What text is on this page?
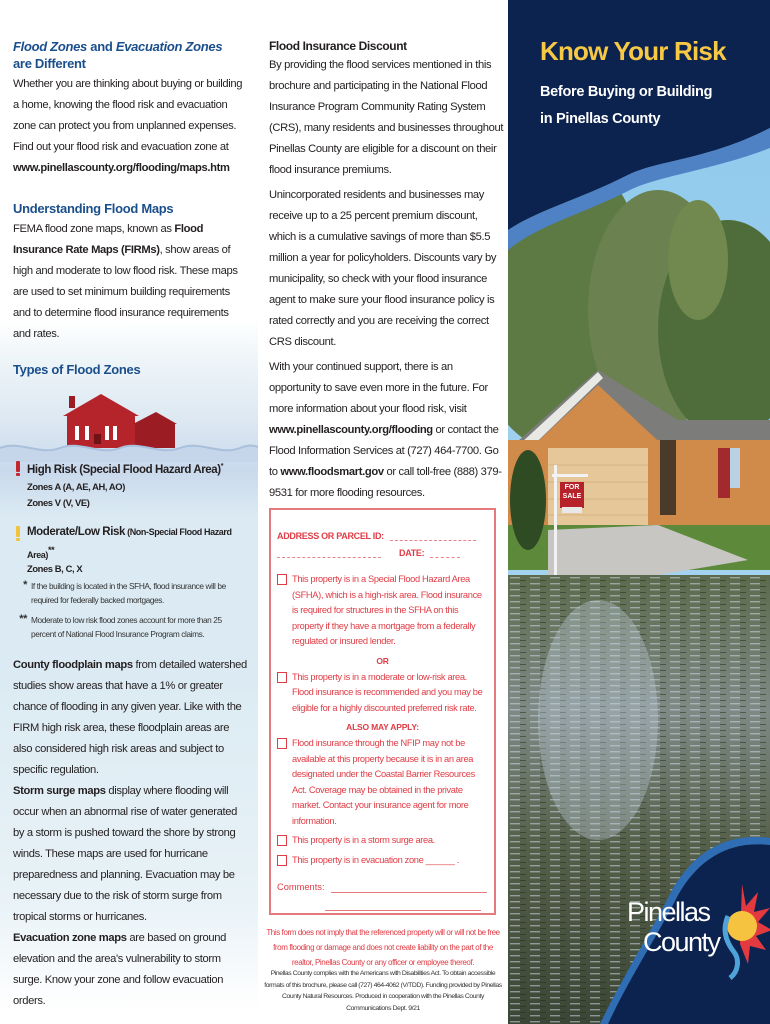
Flood Zones and Evacuation Zones
are Different
Whether you are thinking about buying or building a home, knowing the flood risk and evacuation zone can protect you from unplanned expenses. Find out your flood risk and evacuation zone at www.pinellascounty.org/flooding/maps.htm
Understanding Flood Maps
FEMA flood zone maps, known as Flood Insurance Rate Maps (FIRMs), show areas of high and moderate to low flood risk. These maps are used to set minimum building requirements and to determine flood insurance requirements and rates.
Types of Flood Zones
High Risk (Special Flood Hazard Area)*
Zones A (A, AE, AH, AO)
Zones V (V, VE)
Moderate/Low Risk (Non-Special Flood Hazard Area)**
Zones B, C, X
* If the building is located in the SFHA, flood insurance will be required for federally backed mortgages.
** Moderate to low risk flood zones account for more than 25 percent of National Flood Insurance Program claims.
County floodplain maps from detailed watershed studies show areas that have a 1% or greater chance of flooding in any given year. Like with the FIRM high risk area, these floodplain areas are also considered high risk areas and subject to specific regulation.
Storm surge maps display where flooding will occur when an abnormal rise of water generated by a storm is pushed toward the shore by strong winds. These maps are used for hurricane preparedness and planning. Evacuation may be necessary due to the risk of storm surge from tropical storms or hurricanes.
Evacuation zone maps are based on ground elevation and the area's vulnerability to storm surge. Know your zone and follow evacuation orders.
Flood Insurance Discount
By providing the flood services mentioned in this brochure and participating in the National Flood Insurance Program Community Rating System (CRS), many residents and businesses throughout Pinellas County are eligible for a discount on their flood insurance premiums.
Unincorporated residents and businesses may receive up to a 25 percent premium discount, which is a cumulative savings of more than $5.5 million a year for policyholders. Discounts vary by municipality, so check with your flood insurance agent to make sure your flood insurance policy is rated correctly and you are receiving the correct CRS discount.
With your continued support, there is an opportunity to save even more in the future. For more information about your flood risk, visit www.pinellascounty.org/flooding or contact the Flood Information Services at (727) 464-7700. Go to www.floodsmart.gov or call toll-free (888) 379-9531 for more flooding resources.
ADDRESS OR PARCEL ID:
DATE:
This property is in a Special Flood Hazard Area (SFHA), which is a high-risk area. Flood insurance is required for structures in the SFHA on this property if they have a mortgage from a federally regulated or insured lender.
OR
This property is in a moderate or low-risk area. Flood insurance is recommended and you may be eligible for a highly discounted preferred risk rate.
ALSO MAY APPLY:
Flood insurance through the NFIP may not be available at this property because it is in an area designated under the Coastal Barrier Resources Act. Coverage may be obtained in the private market. Contact your insurance agent for more information.
This property is in a storm surge area.
This property is in evacuation zone ______ .
Comments:
This form does not imply that the referenced property will or will not be free from flooding or damage and does not create liability on the part of the realtor, Pinellas County or any officer or employee thereof.
Pinellas County complies with the Americans with Disabilities Act. To obtain accessible formats of this brochure, please call (727) 464-4062 (V/TDD). Funding provided by Pinellas County Natural Resources. Produced in cooperation with the Pinellas County Communications Dept. 9/21
Know Your Risk
Before Buying or Building
in Pinellas County
FOR
SALE
Pinellas
County
